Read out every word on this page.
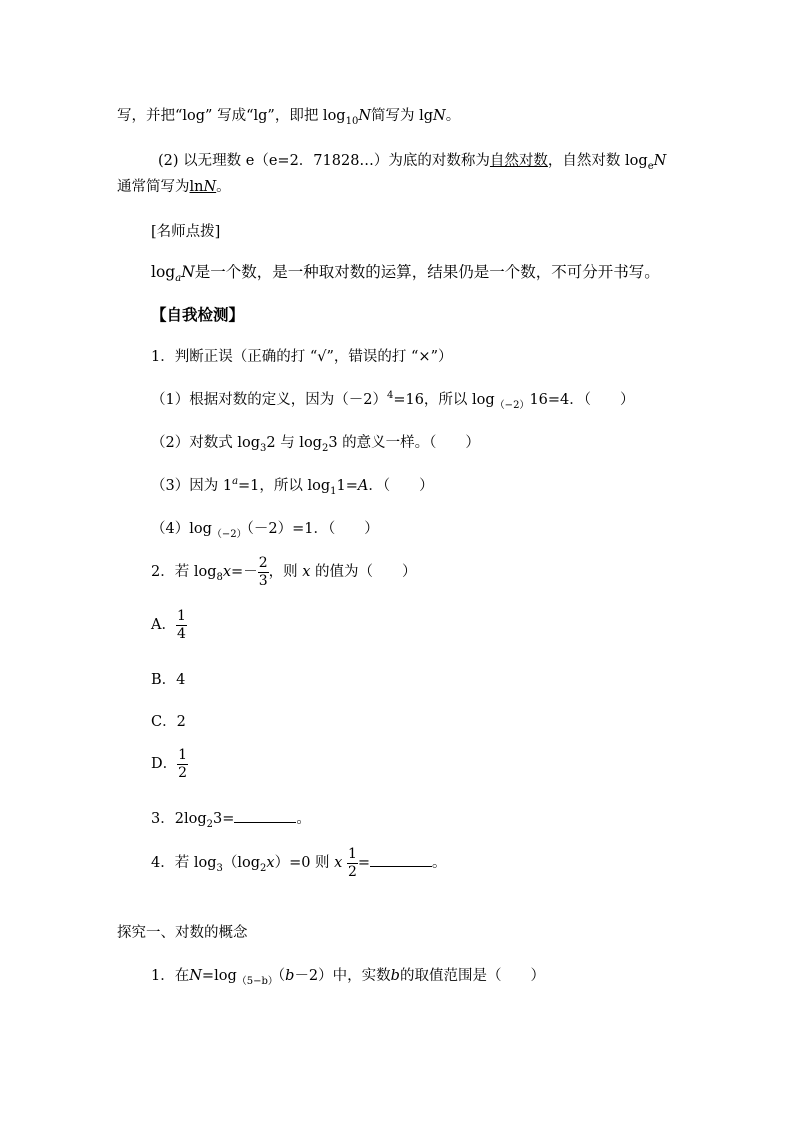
写，并把“log” 写成“lg”，即把 $\log_{10}N$简写为 lgN。
(2) 以无理数 e（e=2．71828…）为底的对数称为自然对数，自然对数 $\log_eN$
通常简写为lnN。
[名师点拨]
$\log_aN$是一个数，是一种取对数的运算，结果仍是一个数，不可分开书写。
【自我检测】
1．判断正误（正确的打 “√”，错误的打 “×”）
（1）根据对数的定义，因为$(-2)^4=16$，所以 $\log_{(-2)}16=4$．（　　）
（2）对数式 $\log_32$ 与 $\log_23$ 的意义一样。（　　）
（3）因为 $1^a=1$，所以 $\log_11=A$．（　　）
$(4)\log_{(-2)}(-2)=1$．（　　）
2．若 $\log_8x=- \frac{2}{3}$ ，则 x 的值为（　　）
A． $\frac{1}{4}$
B．4
C．2
D． $\frac{1}{2}$
3．$2\log_23=$	。
4．若 $\log_3(\log_2x)=0$ 则 x $\frac{1}{2}$ =	。
探究一、对数的概念
1．在$N=\log_{(5-b)}(b-2)$中，实数b的取值范围是（　　）
